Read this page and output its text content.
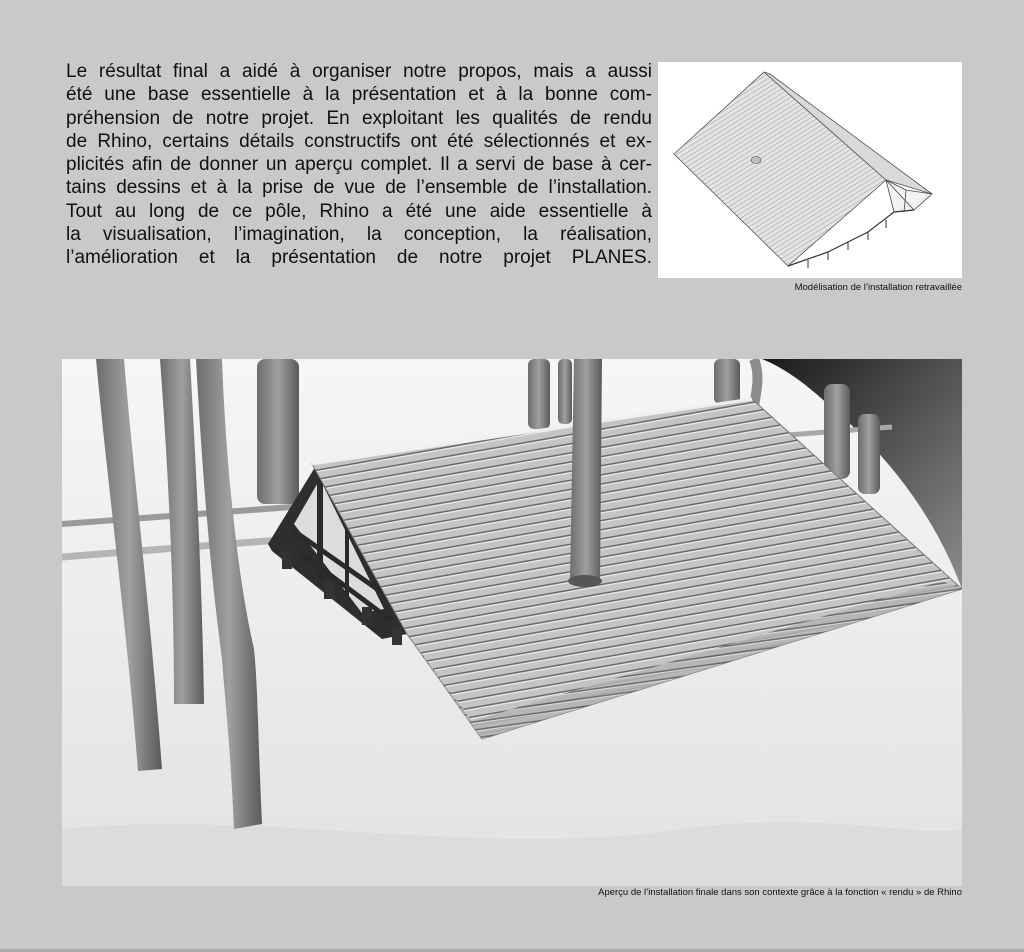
Le résultat final a aidé à organiser notre propos, mais a aussi
été une base essentielle à la présentation et à la bonne com-
préhension de notre projet. En exploitant les qualités de rendu
de Rhino, certains détails constructifs ont été sélectionnés et ex-
plicités afin de donner un aperçu complet. Il a servi de base à cer-
tains dessins et à la prise de vue de l’ensemble de l’installation.
Tout au long de ce pôle, Rhino a été une aide essentielle à
la visualisation, l’imagination, la conception, la réalisation,
l’amélioration et la présentation de notre projet PLANES.
Modélisation de l’installation retravaillée
Aperçu de l’installation finale dans son contexte grâce à la fonction « rendu » de Rhino
